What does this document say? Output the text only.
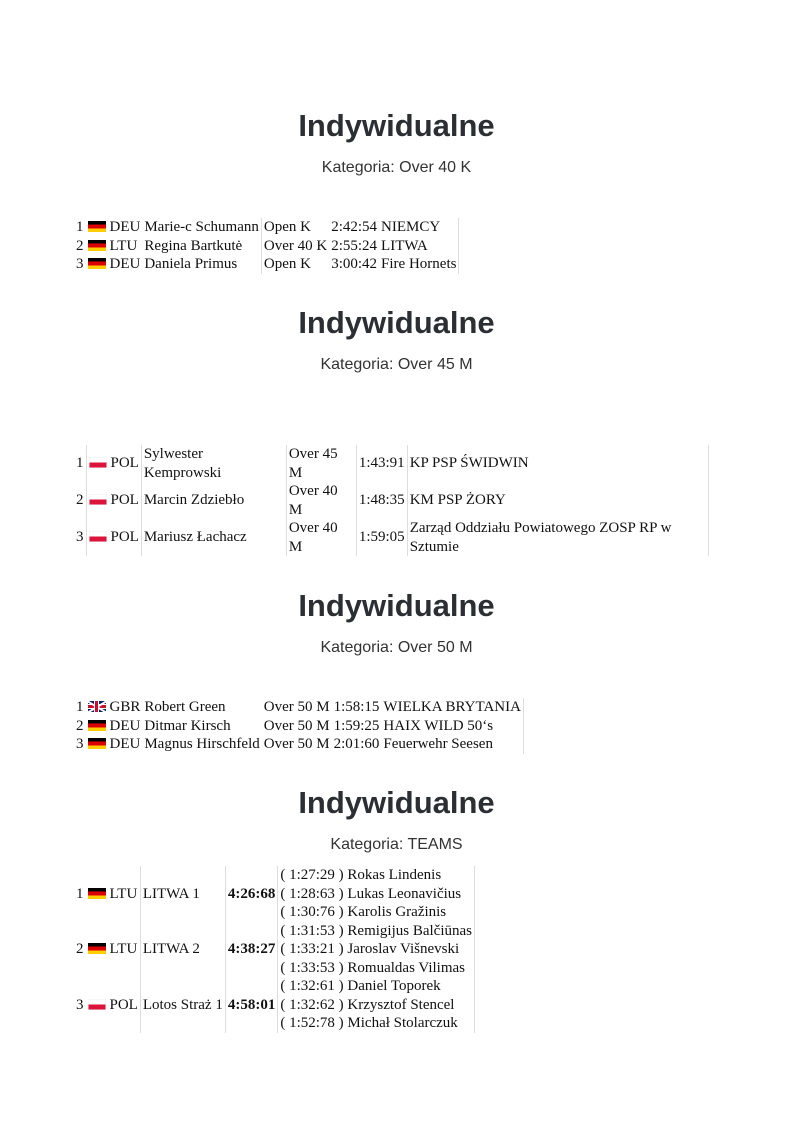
Indywidualne
Kategoria: Over 40 K
1	DEU	Marie-c Schumann	Open K	2:42:54	NIEMCY
2	LTU	Regina Bartkutė	Over 40 K	2:55:24	LITWA
3	DEU	Daniela Primus	Open K	3:00:42	Fire Hornets
Indywidualne
Kategoria: Over 45 M
1	POL	Sylwester Kemprowski	Over 45 M	1:43:91	KP PSP ŚWIDWIN
2	POL	Marcin Zdziebło	Over 40 M	1:48:35	KM PSP ŻORY
3	POL	Mariusz Łachacz	Over 40 M	1:59:05	Zarząd Oddziału Powiatowego ZOSP RP w Sztumie
Indywidualne
Kategoria: Over 50 M
1	GBR	Robert Green	Over 50 M	1:58:15	WIELKA BRYTANIA
2	DEU	Ditmar Kirsch	Over 50 M	1:59:25	HAIX WILD 50‘s
3	DEU	Magnus Hirschfeld	Over 50 M	2:01:60	Feuerwehr Seesen
Indywidualne
Kategoria: TEAMS
1	LTU	LITWA 1	4:26:68	( 1:27:29 ) Rokas Lindenis
( 1:28:63 ) Lukas Leonavičius
( 1:30:76 ) Karolis Gražinis

2	LTU	LITWA 2	4:38:27	( 1:31:53 ) Remigijus Balčiūnas
( 1:33:21 ) Jaroslav Višnevski
( 1:33:53 ) Romualdas Vilimas

3	POL	Lotos Straż 1	4:58:01	( 1:32:61 ) Daniel Toporek
( 1:32:62 ) Krzysztof Stencel
( 1:52:78 ) Michał Stolarczuk
